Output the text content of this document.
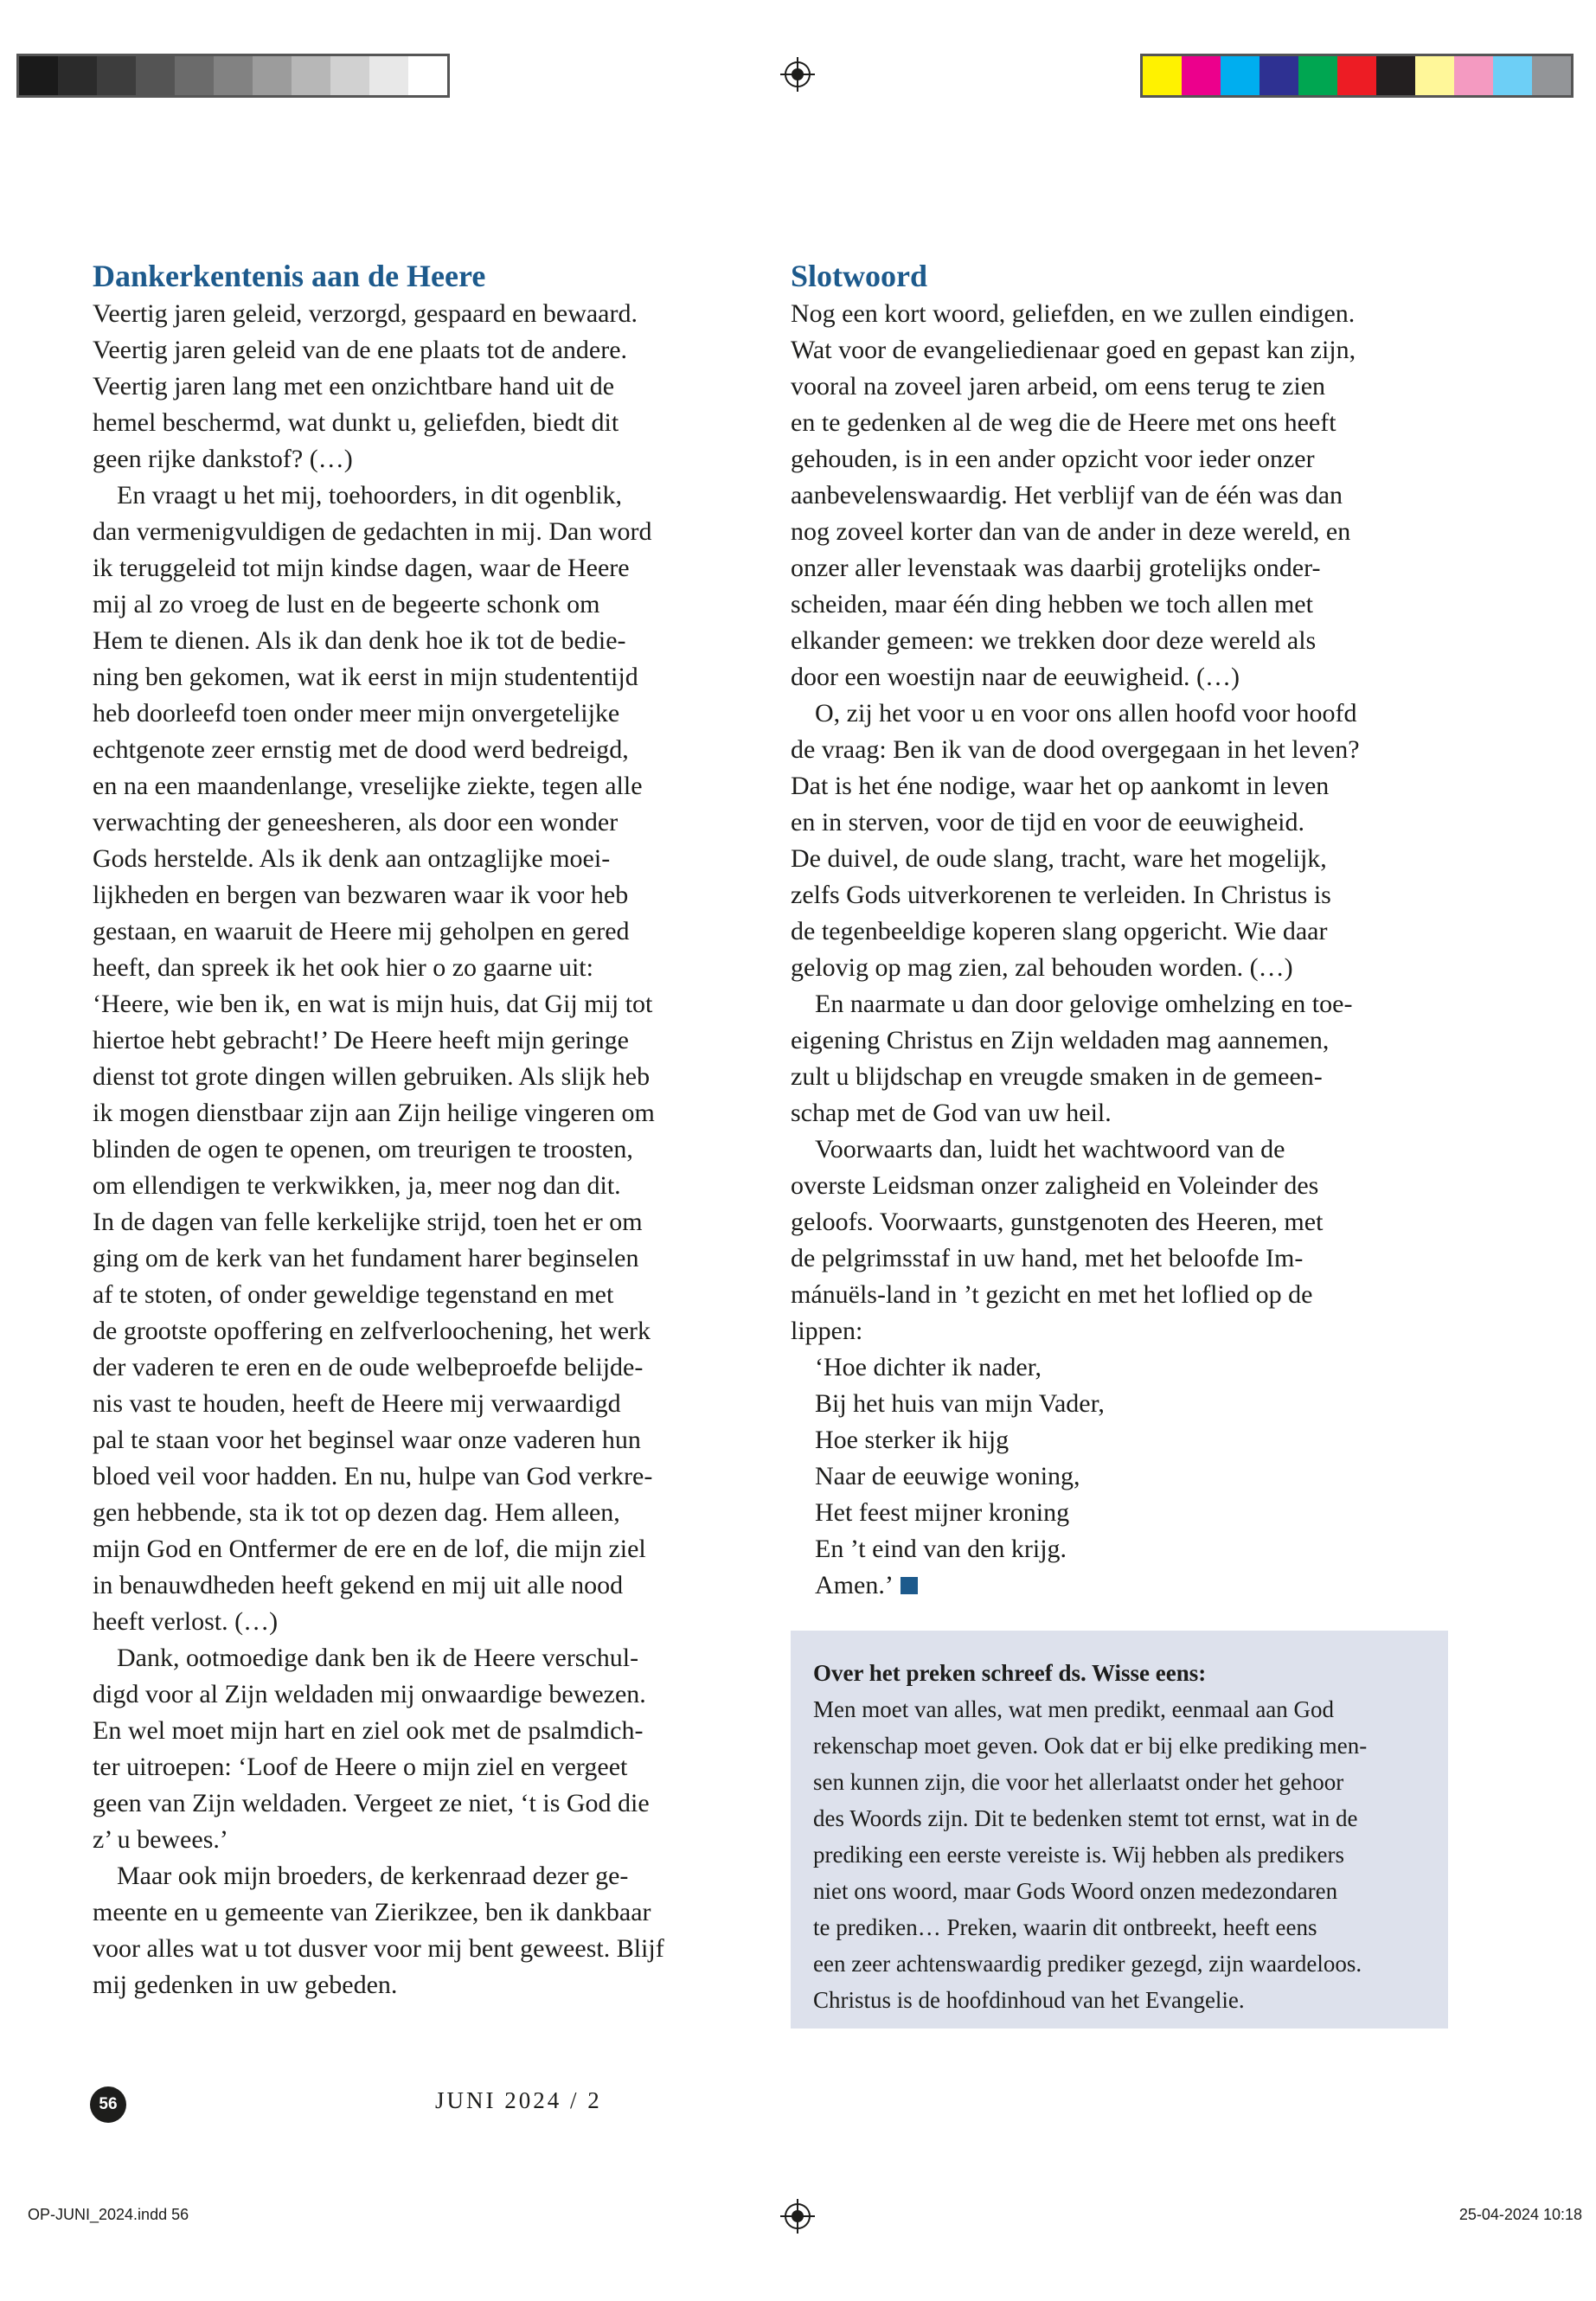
Dankerkentenis aan de Heere

Veertig jaren geleid, verzorgd, gespaard en bewaard.
Veertig jaren geleid van de ene plaats tot de andere.
Veertig jaren lang met een onzichtbare hand uit de
hemel beschermd, wat dunkt u, geliefden, biedt dit
geen rijke dankstof? (…)

En vraagt u het mij, toehoorders, in dit ogenblik,
dan vermenigvuldigen de gedachten in mij. Dan word
ik teruggeleid tot mijn kindse dagen, waar de Heere
mij al zo vroeg de lust en de begeerte schonk om
Hem te dienen. Als ik dan denk hoe ik tot de bedie-
ning ben gekomen, wat ik eerst in mijn studententijd
heb doorleefd toen onder meer mijn onvergetelijke
echtgenote zeer ernstig met de dood werd bedreigd,
en na een maandenlange, vreselijke ziekte, tegen alle
verwachting der geneesheren, als door een wonder
Gods herstelde. Als ik denk aan ontzaglijke moei-
lijkheden en bergen van bezwaren waar ik voor heb
gestaan, en waaruit de Heere mij geholpen en gered
heeft, dan spreek ik het ook hier o zo gaarne uit:
‘Heere, wie ben ik, en wat is mijn huis, dat Gij mij tot
hiertoe hebt gebracht!’ De Heere heeft mijn geringe
dienst tot grote dingen willen gebruiken. Als slijk heb
ik mogen dienstbaar zijn aan Zijn heilige vingeren om
blinden de ogen te openen, om treurigen te troosten,
om ellendigen te verkwikken, ja, meer nog dan dit.
In de dagen van felle kerkelijke strijd, toen het er om
ging om de kerk van het fundament harer beginselen
af te stoten, of onder geweldige tegenstand en met
de grootste opoffering en zelfverloochening, het werk
der vaderen te eren en de oude welbeproefde belijde-
nis vast te houden, heeft de Heere mij verwaardigd
pal te staan voor het beginsel waar onze vaderen hun
bloed veil voor hadden. En nu, hulpe van God verkre-
gen hebbende, sta ik tot op dezen dag. Hem alleen,
mijn God en Ontfermer de ere en de lof, die mijn ziel
in benauwdheden heeft gekend en mij uit alle nood
heeft verlost. (…)

Dank, ootmoedige dank ben ik de Heere verschul-
digd voor al Zijn weldaden mij onwaardige bewezen.
En wel moet mijn hart en ziel ook met de psalmdich-
ter uitroepen: ‘Loof de Heere o mijn ziel en vergeet
geen van Zijn weldaden. Vergeet ze niet, ‘t is God die
z’ u bewees.’

Maar ook mijn broeders, de kerkenraad dezer ge-
meente en u gemeente van Zierikzee, ben ik dankbaar
voor alles wat u tot dusver voor mij bent geweest. Blijf
mij gedenken in uw gebeden.

Slotwoord

Nog een kort woord, geliefden, en we zullen eindigen.
Wat voor de evangeliedienaar goed en gepast kan zijn,
vooral na zoveel jaren arbeid, om eens terug te zien
en te gedenken al de weg die de Heere met ons heeft
gehouden, is in een ander opzicht voor ieder onzer
aanbevelenswaardig. Het verblijf van de één was dan
nog zoveel korter dan van de ander in deze wereld, en
onzer aller levenstaak was daarbij grotelijks onder-
scheiden, maar één ding hebben we toch allen met
elkander gemeen: we trekken door deze wereld als
door een woestijn naar de eeuwigheid. (…)

O, zij het voor u en voor ons allen hoofd voor hoofd
de vraag: Ben ik van de dood overgegaan in het leven?
Dat is het éne nodige, waar het op aankomt in leven
en in sterven, voor de tijd en voor de eeuwigheid.
De duivel, de oude slang, tracht, ware het mogelijk,
zelfs Gods uitverkorenen te verleiden. In Christus is
de tegenbeeldige koperen slang opgericht. Wie daar
gelovig op mag zien, zal behouden worden. (…)

En naarmate u dan door gelovige omhelzing en toe-
eigening Christus en Zijn weldaden mag aannemen,
zult u blijdschap en vreugde smaken in de gemeen-
schap met de God van uw heil.

Voorwaarts dan, luidt het wachtwoord van de
overste Leidsman onzer zaligheid en Voleinder des
geloofs. Voorwaarts, gunstgenoten des Heeren, met
de pelgrimsstaf in uw hand, met het beloofde Im-
mánuëls-land in ’t gezicht en met het loflied op de
lippen:

‘Hoe dichter ik nader,
Bij het huis van mijn Vader,
Hoe sterker ik hijg
Naar de eeuwige woning,
Het feest mijner kroning
En ’t eind van den krijg.
Amen.’
Over het preken schreef ds. Wisse eens:
Men moet van alles, wat men predikt, eenmaal aan God
rekenschap moet geven. Ook dat er bij elke prediking men-
sen kunnen zijn, die voor het allerlaatst onder het gehoor
des Woords zijn. Dit te bedenken stemt tot ernst, wat in de
prediking een eerste vereiste is. Wij hebben als predikers
niet ons woord, maar Gods Woord onzen medezondaren
te prediken… Preken, waarin dit ontbreekt, heeft eens
een zeer achtenswaardig prediker gezegd, zijn waardeloos.
Christus is de hoofdinhoud van het Evangelie.
56	JUNI 2024 / 2
OP-JUNI_2024.indd 56	25-04-2024 10:18
